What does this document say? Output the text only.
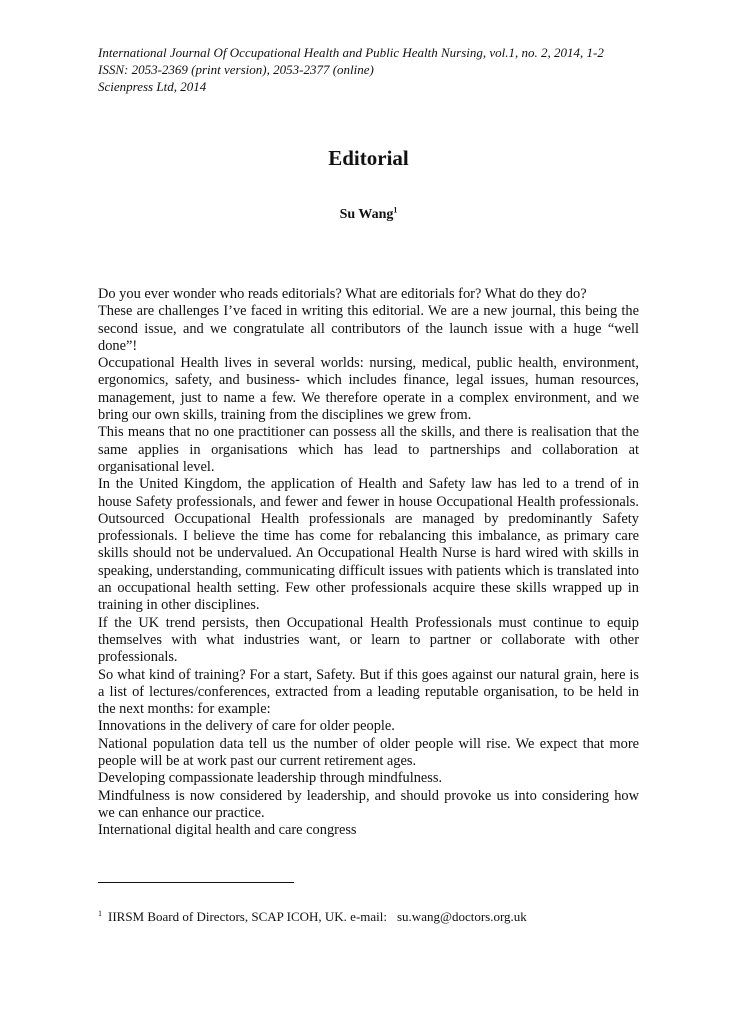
International Journal Of Occupational Health and Public Health Nursing, vol.1, no. 2, 2014, 1-2
ISSN: 2053-2369 (print version), 2053-2377 (online)
Scienpress Ltd, 2014
Editorial
Su Wang$^1$

Do you ever wonder who reads editorials? What are editorials for? What do they do?

These are challenges I’ve faced in writing this editorial. We are a new journal, this being the second issue, and we congratulate all contributors of the launch issue with a huge “well done”!

Occupational Health lives in several worlds: nursing, medical, public health, environment, ergonomics, safety, and business- which includes finance, legal issues, human resources, management, just to name a few. We therefore operate in a complex environment, and we bring our own skills, training from the disciplines we grew from.

This means that no one practitioner can possess all the skills, and there is realisation that the same applies in organisations which has lead to partnerships and collaboration at organisational level.

In the United Kingdom, the application of Health and Safety law has led to a trend of in house Safety professionals, and fewer and fewer in house Occupational Health professionals. Outsourced Occupational Health professionals are managed by predominantly Safety professionals. I believe the time has come for rebalancing this imbalance, as primary care skills should not be undervalued. An Occupational Health Nurse is hard wired with skills in speaking, understanding, communicating difficult issues with patients which is translated into an occupational health setting. Few other professionals acquire these skills wrapped up in training in other disciplines.

If the UK trend persists, then Occupational Health Professionals must continue to equip themselves with what industries want, or learn to partner or collaborate with other professionals.

So what kind of training? For a start, Safety. But if this goes against our natural grain, here is a list of lectures/conferences, extracted from a leading reputable organisation, to be held in the next months: for example:

Innovations in the delivery of care for older people.

National population data tell us the number of older people will rise. We expect that more people will be at work past our current retirement ages.

Developing compassionate leadership through mindfulness.

Mindfulness is now considered by leadership, and should provoke us into considering how we can enhance our practice.

International digital health and care congress

$^1$ IIRSM Board of Directors, SCAP ICOH, UK. e-mail: su.wang@doctors.org.uk
